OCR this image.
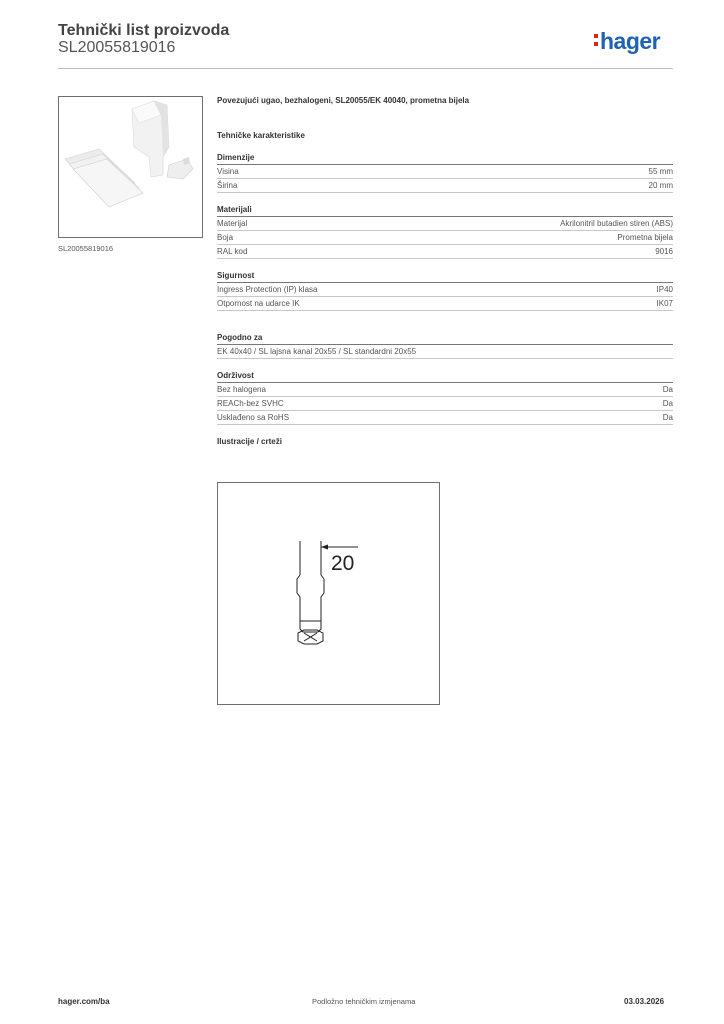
Tehnički list proizvoda
SL20055819016	hager
SL20055819016
Povezujući ugao, bezhalogeni, SL20055/EK 40040, prometna bijela
Tehničke karakteristike
Dimenzije
Visina	55 mm
Širina	20 mm
Materijali
Materijal	Akrilonitril butadien stiren (ABS)
Boja	Prometna bijela
RAL kod	9016
Sigurnost
Ingress Protection (IP) klasa	IP40
Otpornost na udarce IK	IK07
Pogodno za
EK 40x40 / SL lajsna kanal 20x55 / SL standardni 20x55
Održivost
Bez halogena	Da
REACh-bez SVHC	Da
Usklađeno sa RoHS	Da
Ilustracije / crteži
20
hager.com/ba	Podložno tehničkim izmjenama	03.03.2026
